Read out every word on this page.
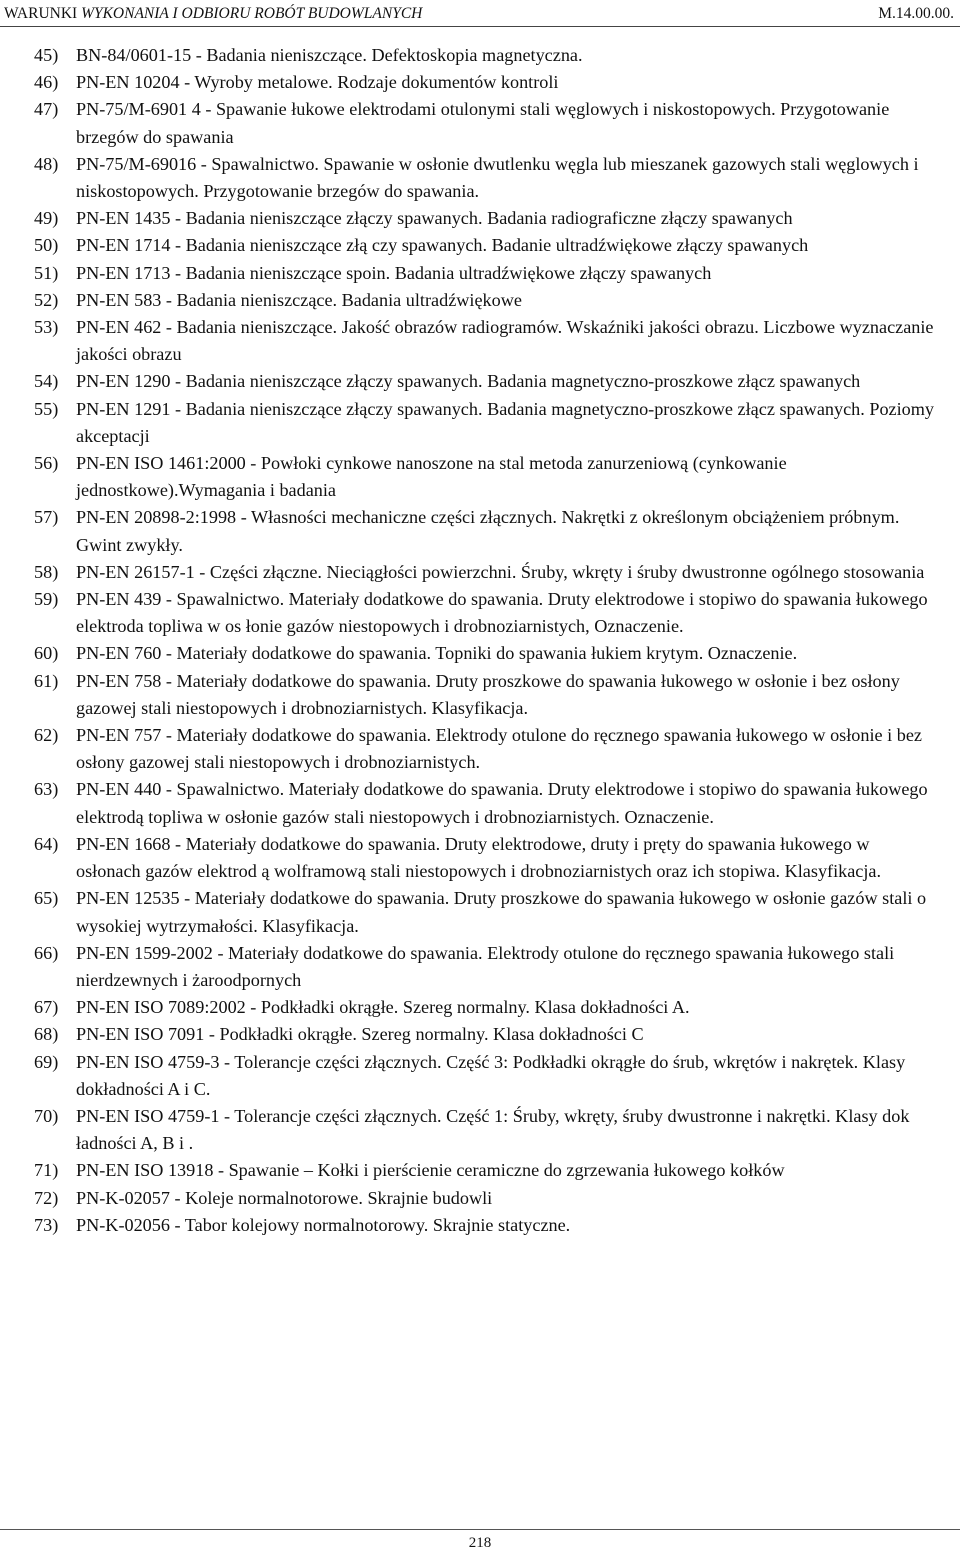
WARUNKI WYKONANIA I ODBIORU ROBÓT BUDOWLANYCH	M.14.00.00.
45) BN-84/0601-15 - Badania nieniszczące. Defektoskopia magnetyczna.
46) PN-EN 10204 - Wyroby metalowe. Rodzaje dokumentów kontroli
47) PN-75/M-6901 4 - Spawanie łukowe elektrodami otulonymi stali węglowych i niskostopowych. Przygotowanie brzegów do spawania
48) PN-75/M-69016 - Spawalnictwo. Spawanie w osłonie dwutlenku węgla lub mieszanek gazowych stali węglowych i niskostopowych. Przygotowanie brzegów do spawania.
49) PN-EN 1435 - Badania nieniszczące złączy spawanych. Badania radiograficzne złączy spawanych
50) PN-EN 1714 - Badania nieniszczące złą czy spawanych. Badanie ultradźwiękowe złączy spawanych
51) PN-EN 1713 - Badania nieniszczące spoin. Badania ultradźwiękowe złączy spawanych
52) PN-EN 583 - Badania nieniszczące. Badania ultradźwiękowe
53) PN-EN 462 - Badania nieniszczące. Jakość obrazów radiogramów. Wskaźniki jakości obrazu. Liczbowe wyznaczanie jakości obrazu
54) PN-EN 1290 - Badania nieniszczące złączy spawanych. Badania magnetyczno-proszkowe złącz spawanych
55) PN-EN 1291 - Badania nieniszczące złączy spawanych. Badania magnetyczno-proszkowe złącz spawanych. Poziomy akceptacji
56) PN-EN ISO 1461:2000 - Powłoki cynkowe nanoszone na stal metoda zanurzeniową (cynkowanie jednostkowe).Wymagania i badania
57) PN-EN 20898-2:1998 - Własności mechaniczne części złącznych. Nakrętki z określonym obciążeniem próbnym. Gwint zwykły.
58) PN-EN 26157-1 - Części złączne. Nieciągłości powierzchni. Śruby, wkręty i śruby dwustronne ogólnego stosowania
59) PN-EN 439 - Spawalnictwo. Materiały dodatkowe do spawania. Druty elektrodowe i stopiwo do spawania łukowego elektroda topliwa w os łonie gazów niestopowych i drobnoziarnistych, Oznaczenie.
60) PN-EN 760 - Materiały dodatkowe do spawania. Topniki do spawania łukiem krytym. Oznaczenie.
61) PN-EN 758 - Materiały dodatkowe do spawania. Druty proszkowe do spawania łukowego w osłonie i bez osłony gazowej stali niestopowych i drobnoziarnistych. Klasyfikacja.
62) PN-EN 757 - Materiały dodatkowe do spawania. Elektrody otulone do ręcznego spawania łukowego w osłonie i bez osłony gazowej stali niestopowych i drobnoziarnistych.
63) PN-EN 440 - Spawalnictwo. Materiały dodatkowe do spawania. Druty elektrodowe i stopiwo do spawania łukowego elektrodą topliwa w osłonie gazów stali niestopowych i drobnoziarnistych. Oznaczenie.
64) PN-EN 1668 - Materiały dodatkowe do spawania. Druty elektrodowe, druty i pręty do spawania łukowego w osłonach gazów elektrod ą wolframową stali niestopowych i drobnoziarnistych oraz ich stopiwa. Klasyfikacja.
65) PN-EN 12535 - Materiały dodatkowe do spawania. Druty proszkowe do spawania łukowego w osłonie gazów stali o wysokiej wytrzymałości. Klasyfikacja.
66) PN-EN 1599-2002 - Materiały dodatkowe do spawania. Elektrody otulone do ręcznego spawania łukowego stali nierdzewnych i żaroodpornych
67) PN-EN ISO 7089:2002 - Podkładki okrągłe. Szereg normalny. Klasa dokładności A.
68) PN-EN ISO 7091 - Podkładki okrągłe. Szereg normalny. Klasa dokładności C
69) PN-EN ISO 4759-3 - Tolerancje części złącznych. Część 3: Podkładki okrągłe do śrub, wkrętów i nakrętek. Klasy dokładności A i C.
70) PN-EN ISO 4759-1 - Tolerancje części złącznych. Część 1: Śruby, wkręty, śruby dwustronne i nakrętki. Klasy dok ładności A, B i .
71) PN-EN ISO 13918 - Spawanie – Kołki i pierścienie ceramiczne do zgrzewania łukowego kołków
72) PN-K-02057 - Koleje normalnotorowe. Skrajnie budowli
73) PN-K-02056 - Tabor kolejowy normalnotorowy. Skrajnie statyczne.
218
